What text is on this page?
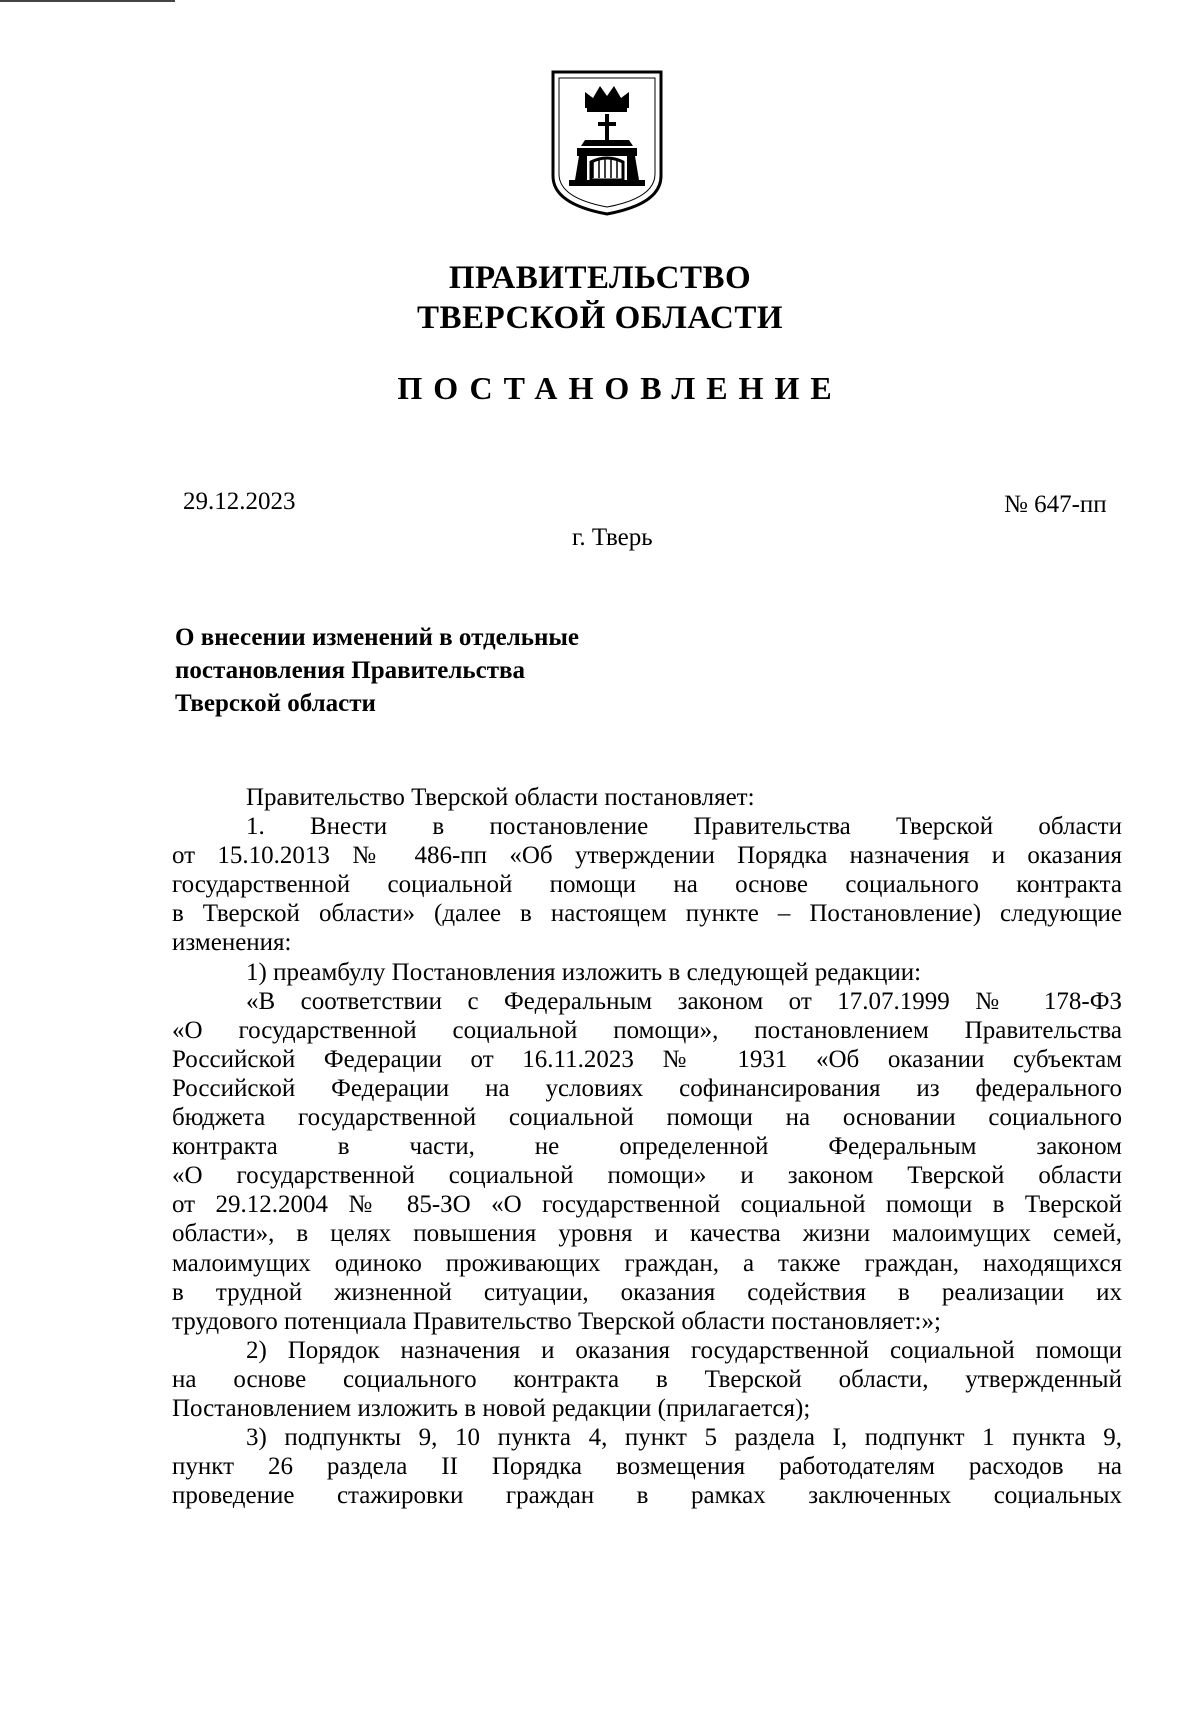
ПРАВИТЕЛЬСТВО
ТВЕРСКОЙ ОБЛАСТИ
ПОСТАНОВЛЕНИЕ
29.12.2023	№ 647-пп
г. Тверь
О внесении изменений в отдельные
постановления Правительства
Тверской области
Правительство Тверской области постановляет:
1. Внести в постановление Правительства Тверской области
от 15.10.2013 № 486-пп «Об утверждении Порядка назначения и оказания
государственной социальной помощи на основе социального контракта
в Тверской области» (далее в настоящем пункте – Постановление) следующие
изменения:
1) преамбулу Постановления изложить в следующей редакции:
«В соответствии с Федеральным законом от 17.07.1999 № 178-ФЗ
«О государственной социальной помощи», постановлением Правительства
Российской Федерации от 16.11.2023 № 1931 «Об оказании субъектам
Российской Федерации на условиях софинансирования из федерального
бюджета государственной социальной помощи на основании социального
контракта в части, не определенной Федеральным законом
«О государственной социальной помощи» и законом Тверской области
от 29.12.2004 № 85-ЗО «О государственной социальной помощи в Тверской
области», в целях повышения уровня и качества жизни малоимущих семей,
малоимущих одиноко проживающих граждан, а также граждан, находящихся
в трудной жизненной ситуации, оказания содействия в реализации их
трудового потенциала Правительство Тверской области постановляет:»;
2) Порядок назначения и оказания государственной социальной помощи
на основе социального контракта в Тверской области, утвержденный
Постановлением изложить в новой редакции (прилагается);
3) подпункты 9, 10 пункта 4, пункт 5 раздела I, подпункт 1 пункта 9,
пункт 26 раздела II Порядка возмещения работодателям расходов на
проведение стажировки граждан в рамках заключенных социальных
